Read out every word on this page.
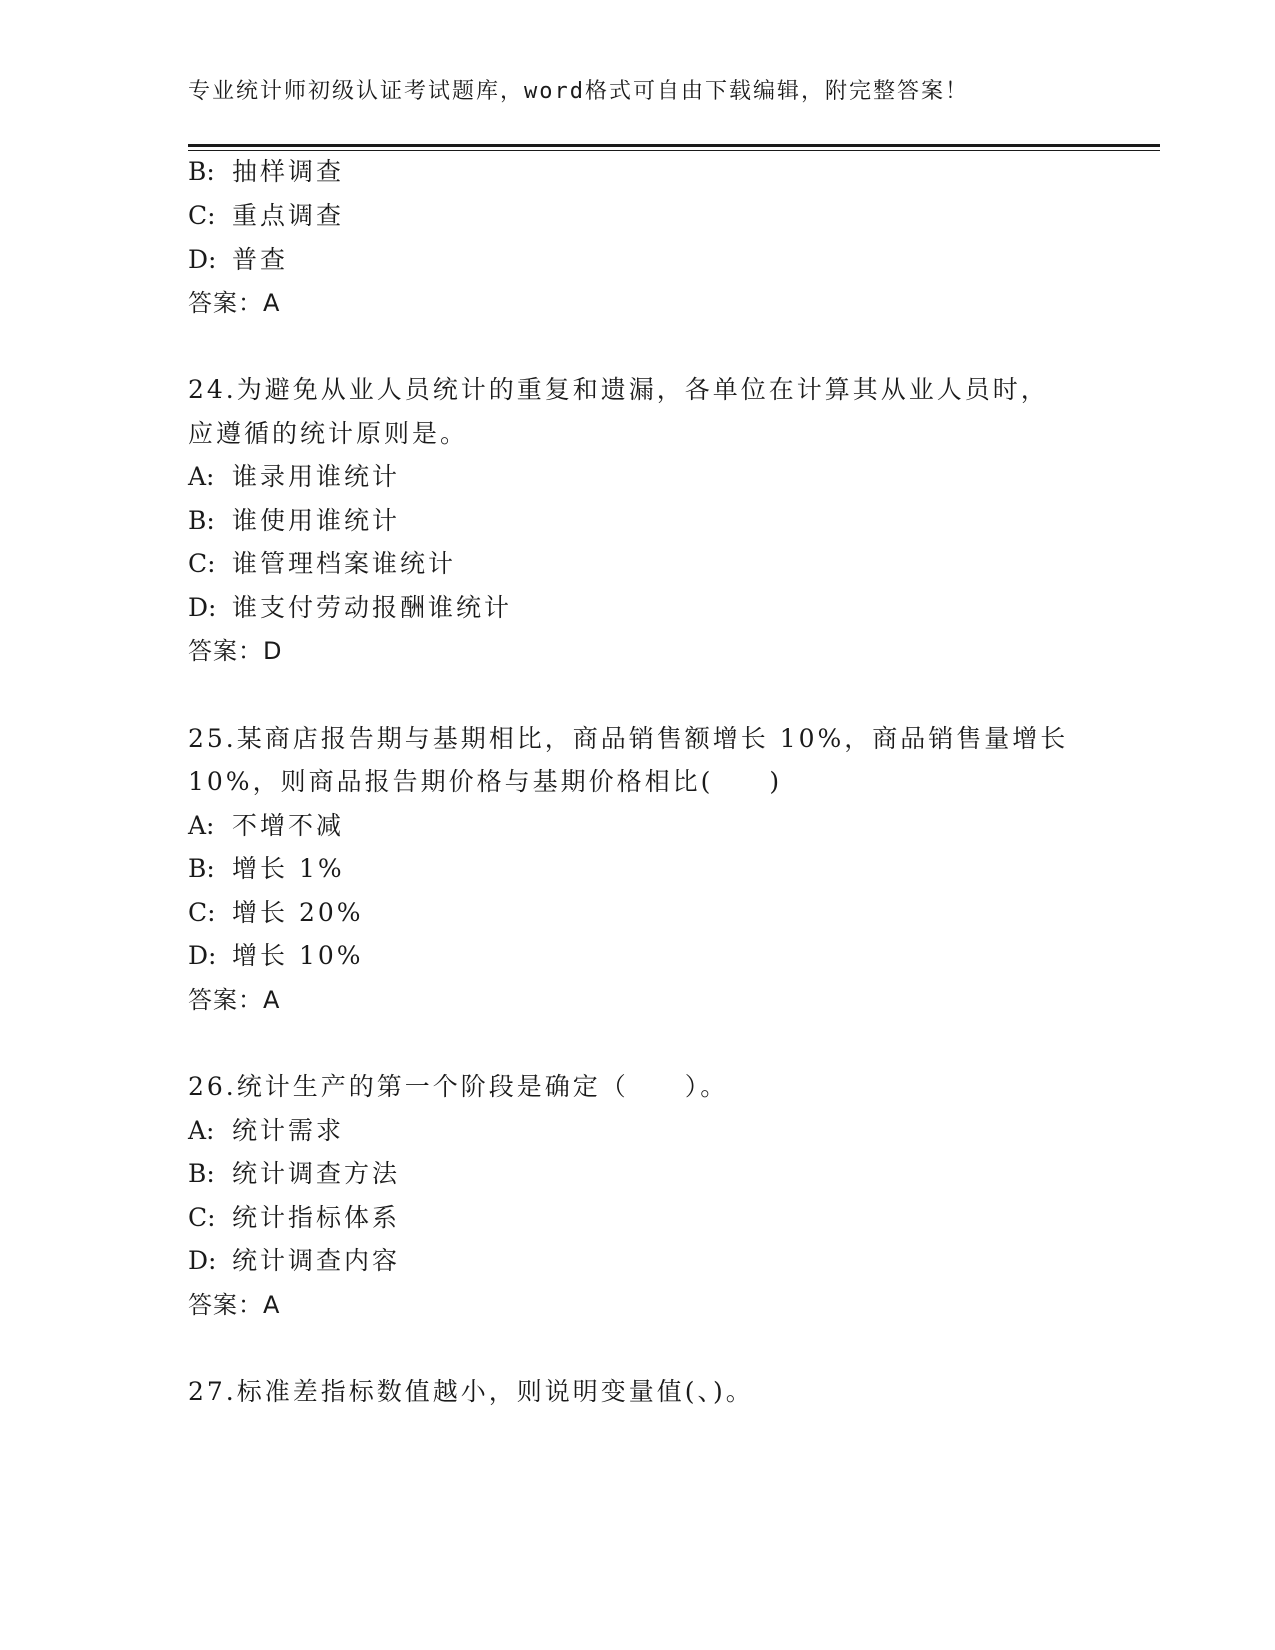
专业统计师初级认证考试题库，word格式可自由下载编辑，附完整答案！
B: 抽样调查
C: 重点调查
D: 普查
答案：A
24.为避免从业人员统计的重复和遗漏，各单位在计算其从业人员时，
应遵循的统计原则是。
A: 谁录用谁统计
B: 谁使用谁统计
C: 谁管理档案谁统计
D: 谁支付劳动报酬谁统计
答案：D
25.某商店报告期与基期相比，商品销售额增长 10%，商品销售量增长
10%，则商品报告期价格与基期价格相比(　　)
A: 不增不减
B: 增长 1%
C: 增长 20%
D: 增长 10%
答案：A
26.统计生产的第一个阶段是确定（　　）。
A: 统计需求
B: 统计调查方法
C: 统计指标体系
D: 统计调查内容
答案：A
27.标准差指标数值越小，则说明变量值(、)。
